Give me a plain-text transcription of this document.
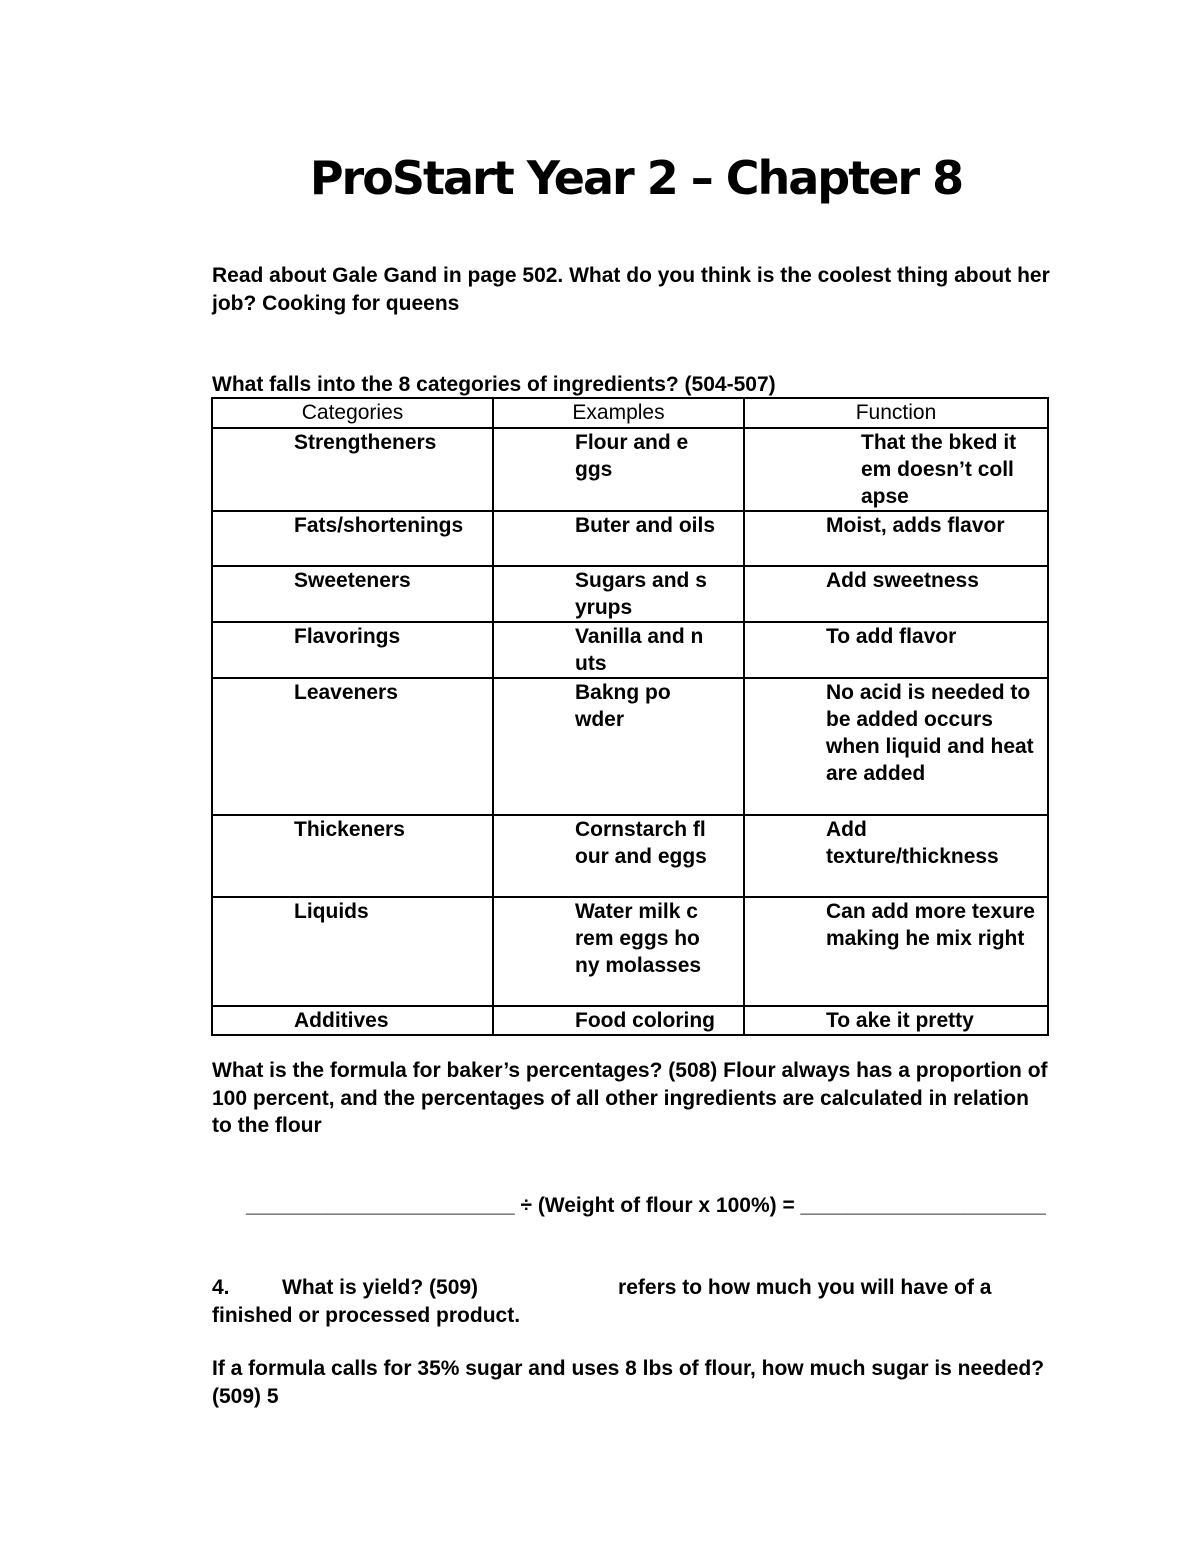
ProStart Year 2 – Chapter 8

Read about Gale Gand in page 502. What do you think is the coolest thing about her job? Cooking for queens

What falls into the 8 categories of ingredients? (504-507)

Categories	Examples	Function
Strengtheners	Flour and eggs	That the bked item doesn’t collapse

Fats/shortenings	Buter and oils	Moist, adds flavor
Sweeteners	Sugars and syrups	Add sweetness
Flavorings	Vanilla and nuts	To add flavor
Leaveners	Bakng powder	No acid is needed to be added occurs when liquid and heat are added
Thickeners	Cornstarch flour and eggs	Add texture/thickness
Liquids	Water milk crem eggs hony molasses	Can add more texure making he mix right
Additives	Food coloring	To ake it pretty

What is the formula for baker’s percentages? (508) Flour always has a proportion of 100 percent, and the percentages of all other ingredients are calculated in relation to the flour

_______________________ ÷ (Weight of flour x 100%) = _____________________

4. What is yield? (509)	refers to how much you will have of a finished or processed product.

If a formula calls for 35% sugar and uses 8 lbs of flour, how much sugar is needed? (509) 5
